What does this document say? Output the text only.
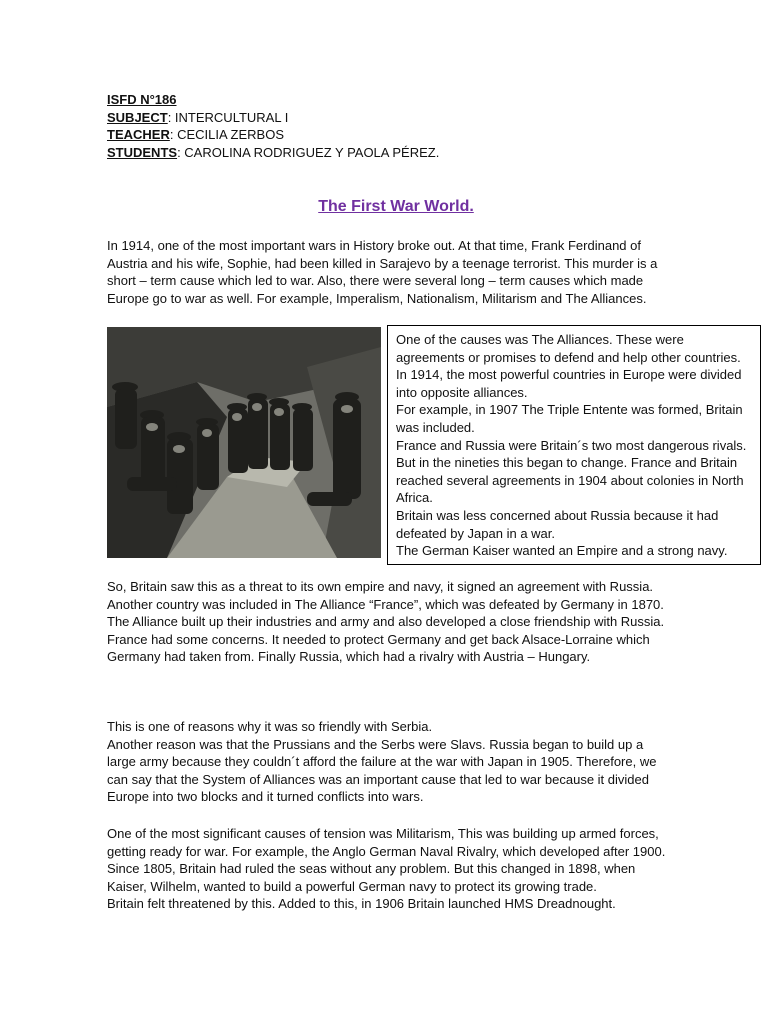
ISFD N°186
SUBJECT: INTERCULTURAL I
TEACHER: CECILIA ZERBOS
STUDENTS: CAROLINA RODRIGUEZ Y PAOLA PÉREZ.
The First War World.

In 1914, one of the most important wars in History broke out. At that time, Frank Ferdinand of Austria and his wife, Sophie, had been killed in Sarajevo by a teenage terrorist. This murder is a short – term cause which led to war. Also, there were several long – term causes which made Europe go to war as well. For example, Imperalism, Nationalism, Militarism and The Alliances.

One of the causes was The Alliances. These were agreements or promises to defend and help other countries. In 1914, the most powerful countries in Europe were divided into opposite alliances.

For example, in 1907 The Triple Entente was formed, Britain was included.

France and Russia were Britain´s two most dangerous rivals. But in the nineties this began to change. France and Britain reached several agreements in 1904 about colonies in North Africa.

Britain was less concerned about Russia because it had defeated by Japan in a war.

The German Kaiser wanted an Empire and a strong navy.

So, Britain saw this as a threat to its own empire and navy, it signed an agreement with Russia.

Another country was included in The Alliance “France”, which was defeated by Germany in 1870. The Alliance built up their industries and army and also developed a close friendship with Russia.

France had some concerns. It needed to protect Germany and get back Alsace-Lorraine which Germany had taken from. Finally Russia, which had a rivalry with Austria – Hungary.

This is one of reasons why it was so friendly with Serbia.

Another reason was that the Prussians and the Serbs were Slavs. Russia began to build up a large army because they couldn´t afford the failure at the war with Japan in 1905. Therefore, we can say that the System of Alliances was an important cause that led to war because it divided Europe into two blocks and it turned conflicts into wars.

One of the most significant causes of tension was Militarism, This was building up armed forces, getting ready for war. For example, the Anglo German Naval Rivalry, which developed after 1900. Since 1805, Britain had ruled the seas without any problem. But this changed in 1898, when Kaiser, Wilhelm, wanted to build a powerful German navy to protect its growing trade.

Britain felt threatened by this. Added to this, in 1906 Britain launched HMS Dreadnought.
